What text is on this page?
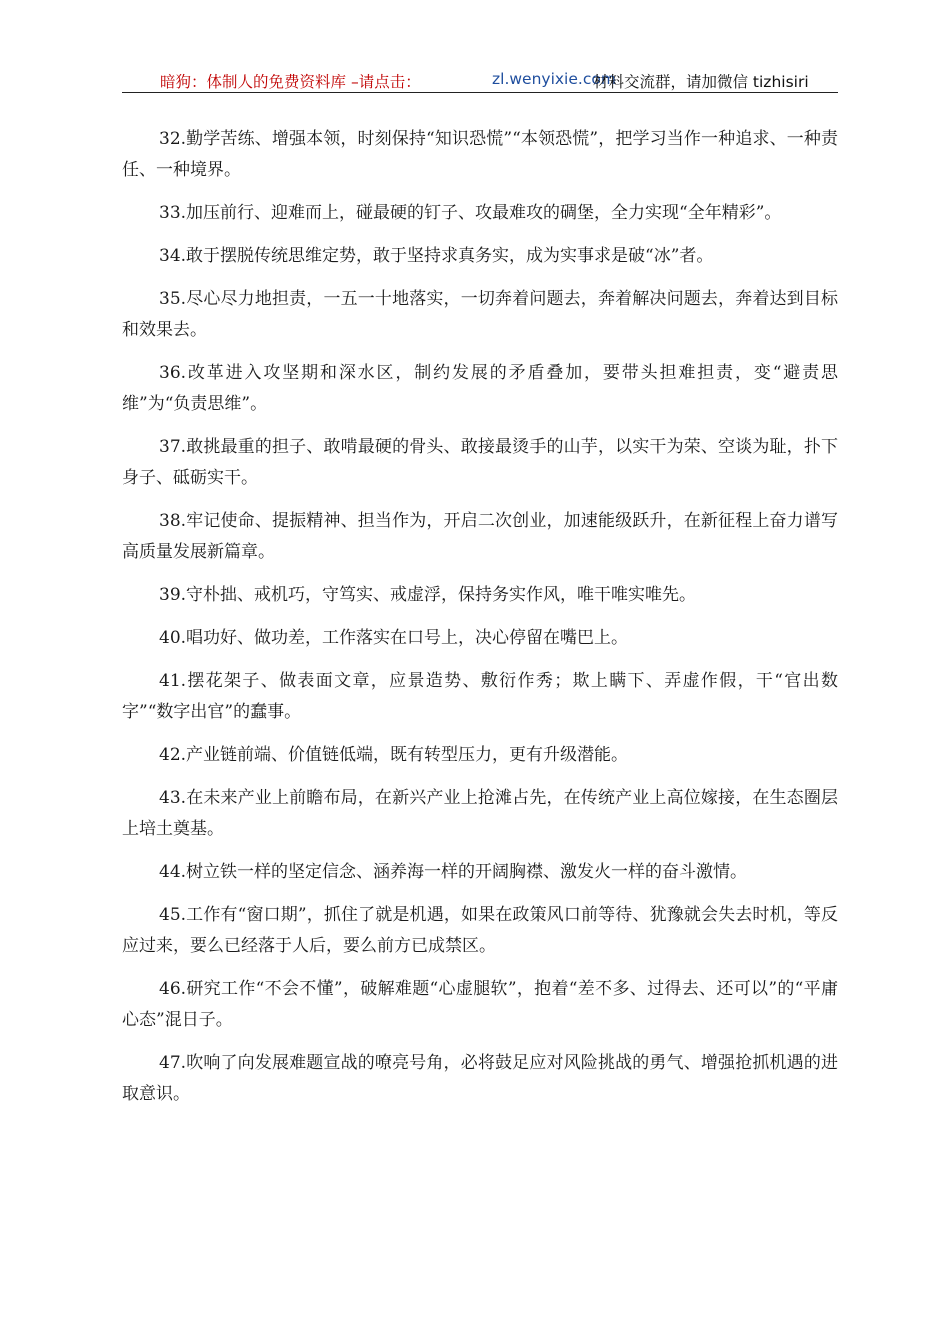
暗狗：体制人的免费资料库 –请点击：	zl.wenyixie.com
材料交流群，请加微信 tizhisiri

32.勤学苦练、增强本领，时刻保持“知识恐慌”“本领恐慌”，把学习当作一种追求、一种责任、一种境界。

33.加压前行、迎难而上，碰最硬的钉子、攻最难攻的碉堡，全力实现“全年精彩”。

34.敢于摆脱传统思维定势，敢于坚持求真务实，成为实事求是破“冰”者。

35.尽心尽力地担责，一五一十地落实，一切奔着问题去，奔着解决问题去，奔着达到目标和效果去。

36.改革进入攻坚期和深水区，制约发展的矛盾叠加，要带头担难担责，变“避责思维”为“负责思维”。

37.敢挑最重的担子、敢啃最硬的骨头、敢接最烫手的山芋，以实干为荣、空谈为耻，扑下身子、砥砺实干。

38.牢记使命、提振精神、担当作为，开启二次创业，加速能级跃升，在新征程上奋力谱写高质量发展新篇章。

39.守朴拙、戒机巧，守笃实、戒虚浮，保持务实作风，唯干唯实唯先。

40.唱功好、做功差，工作落实在口号上，决心停留在嘴巴上。

41.摆花架子、做表面文章，应景造势、敷衍作秀；欺上瞒下、弄虚作假，干“官出数字”“数字出官”的蠢事。

42.产业链前端、价值链低端，既有转型压力，更有升级潜能。

43.在未来产业上前瞻布局，在新兴产业上抢滩占先，在传统产业上高位嫁接，在生态圈层上培土奠基。

44.树立铁一样的坚定信念、涵养海一样的开阔胸襟、激发火一样的奋斗激情。

45.工作有“窗口期”，抓住了就是机遇，如果在政策风口前等待、犹豫就会失去时机，等反应过来，要么已经落于人后，要么前方已成禁区。

46.研究工作“不会不懂”，破解难题“心虚腿软”，抱着“差不多、过得去、还可以”的“平庸心态”混日子。

47.吹响了向发展难题宣战的嘹亮号角，必将鼓足应对风险挑战的勇气、增强抢抓机遇的进取意识。
